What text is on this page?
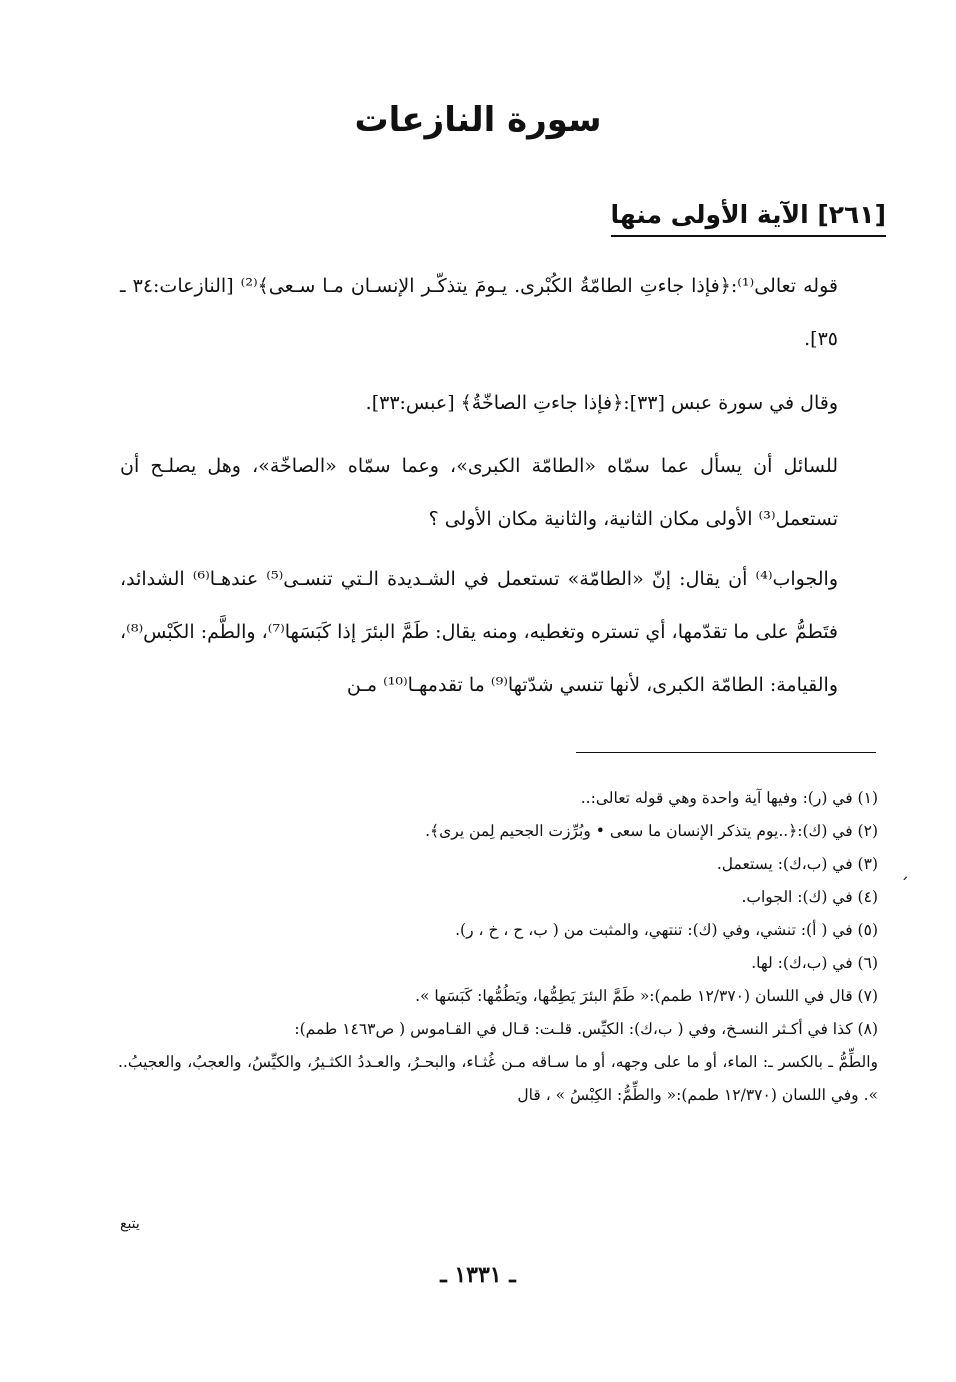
سورة النازعات
[٢٦١] الآية الأولى منها

قوله تعالى⁽¹⁾:﴿فإذا جاءتِ الطامّةُ الكُبْرى. يـومَ يتذكّـر الإنسـان مـا سـعى﴾⁽²⁾ [النازعات:٣٤ ـ ٣٥].

وقال في سورة عبس [٣٣]:﴿فإذا جاءتِ الصاخّةُ﴾ [عبس:٣٣].

للسائل أن يسأل عما سمّاه «الطامّة الكبرى»، وعما سمّاه «الصاخّة»، وهل يصلـح أن تستعمل⁽³⁾ الأولى مكان الثانية، والثانية مكان الأولى ؟

والجواب⁽⁴⁾ أن يقال: إنّ «الطامّة» تستعمل في الشـديدة الـتي تنسـى⁽⁵⁾ عندهـا⁽⁶⁾ الشدائد، فتَطمُّ على ما تقدّمها، أي تستره وتغطيه، ومنه يقال: طَمَّ البئرَ إذا كَبَسَها⁽⁷⁾، والطَّم: الكَبْس⁽⁸⁾، والقيامة: الطامّة الكبرى، لأنها تنسي شدّتها⁽⁹⁾ ما تقدمهـا⁽¹⁰⁾ مـن

(١) في (ر): وفيها آية واحدة وهي قوله تعالى:..

(٢) في (ك):﴿..يوم يتذكر الإنسان ما سعى • وبُرِّزت الجحيم لِمن يرى﴾.

(٣) في (ب،ك): يستعمل.

(٤) في (ك): الجواب.

(٥) في ( أ): تنشي، وفي (ك): تنتهي، والمثبت من ( ب، ح ، خ ، ر).

(٦) في (ب،ك): لها.

(٧) قال في اللسان (١٢/٣٧٠ طمم):« طَمَّ البئرَ يَطِمُّها، ويَطُمُّها: كَبَسَها ».

(٨) كذا في أكـثر النسـخ، وفي ( ب،ك): الكيِّس. قلـت: قـال في القـاموس ( ص١٤٦٣ طمم):

والطِّمُّ ـ بالكسر ـ: الماء، أو ما على وجهه، أو ما سـاقه مـن غُثـاء، والبحـرُ، والعـددُ الكثـيرُ، والكيِّسُ، والعجبُ، والعجيبُ.. ». وفي اللسان (١٢/٣٧٠ طمم):« والطِّمُّ: الكِبْسُ » ، قال

يتبع
ˏ
ـ ١٣٣١ ـ
